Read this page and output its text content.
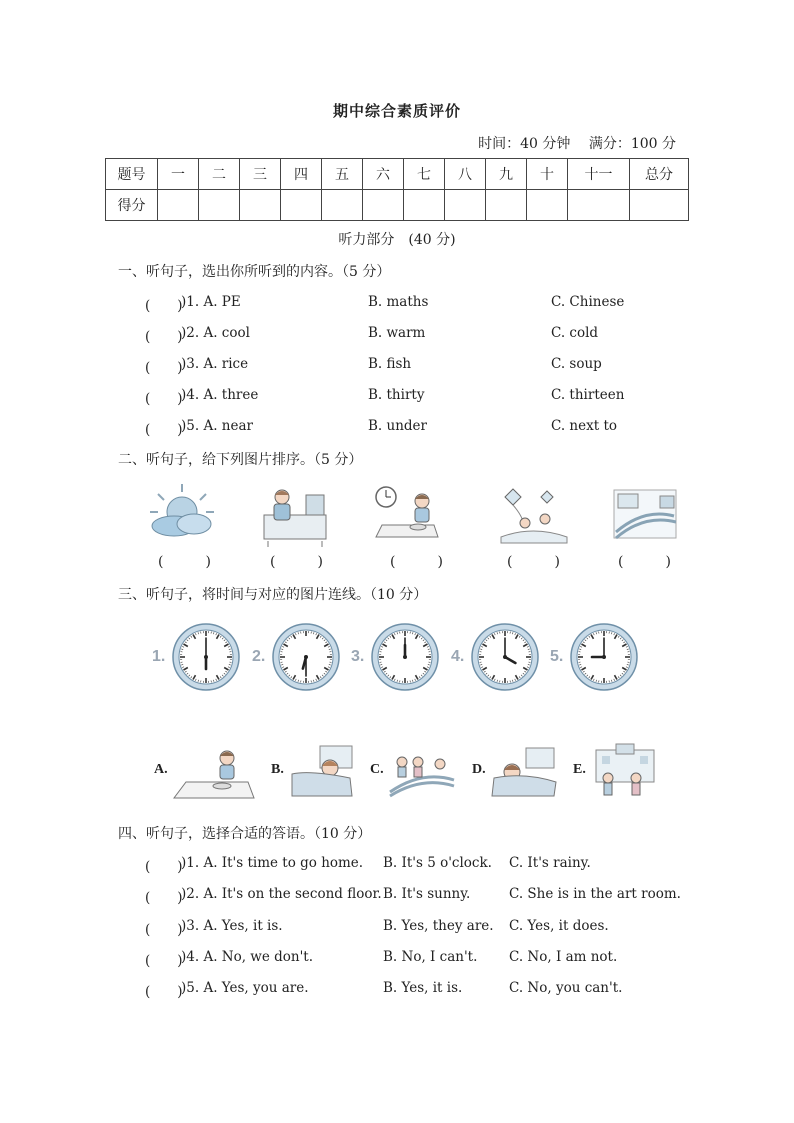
期中综合素质评价
时间：40 分钟　 满分：100 分
题号	一	二	三	四	五	六	七	八	九	十	十一	总分
得分												
听力部分　(40 分)
一、听句子，选出你所听到的内容。（5 分）
(　　)
)1. A. PE	B. maths	C. Chinese
(　　)
)2. A. cool	B. warm	C. cold
(　　)
)3. A. rice	B. fish	C. soup
(　　)
)4. A. three	B. thirty	C. thirteen
(　　)
)5. A. near	B. under	C. next to
二、听句子，给下列图片排序。（5 分）
(　　　)	(　　　)	(　　　)	(　　　)	(　　　)
三、听句子，将时间与对应的图片连线。（10 分）
1.	2.	3.	4.	5.
A.	B.	C.	D.	E.
四、听句子，选择合适的答语。（10 分）
(　　)
)1. A. It's time to go home. B. It's 5 o'clock. C. It's rainy.
(　　)
)2. A. It's on the second floor. B. It's sunny.	C. She is in the art room.
(　　)
)3. A. Yes, it is.	B. Yes, they are. C. Yes, it does.
(　　)
)4. A. No, we don't.	B. No, I can't. C. No, I am not.
(　　)
)5. A. Yes, you are.	B. Yes, it is.	C. No, you can't.
